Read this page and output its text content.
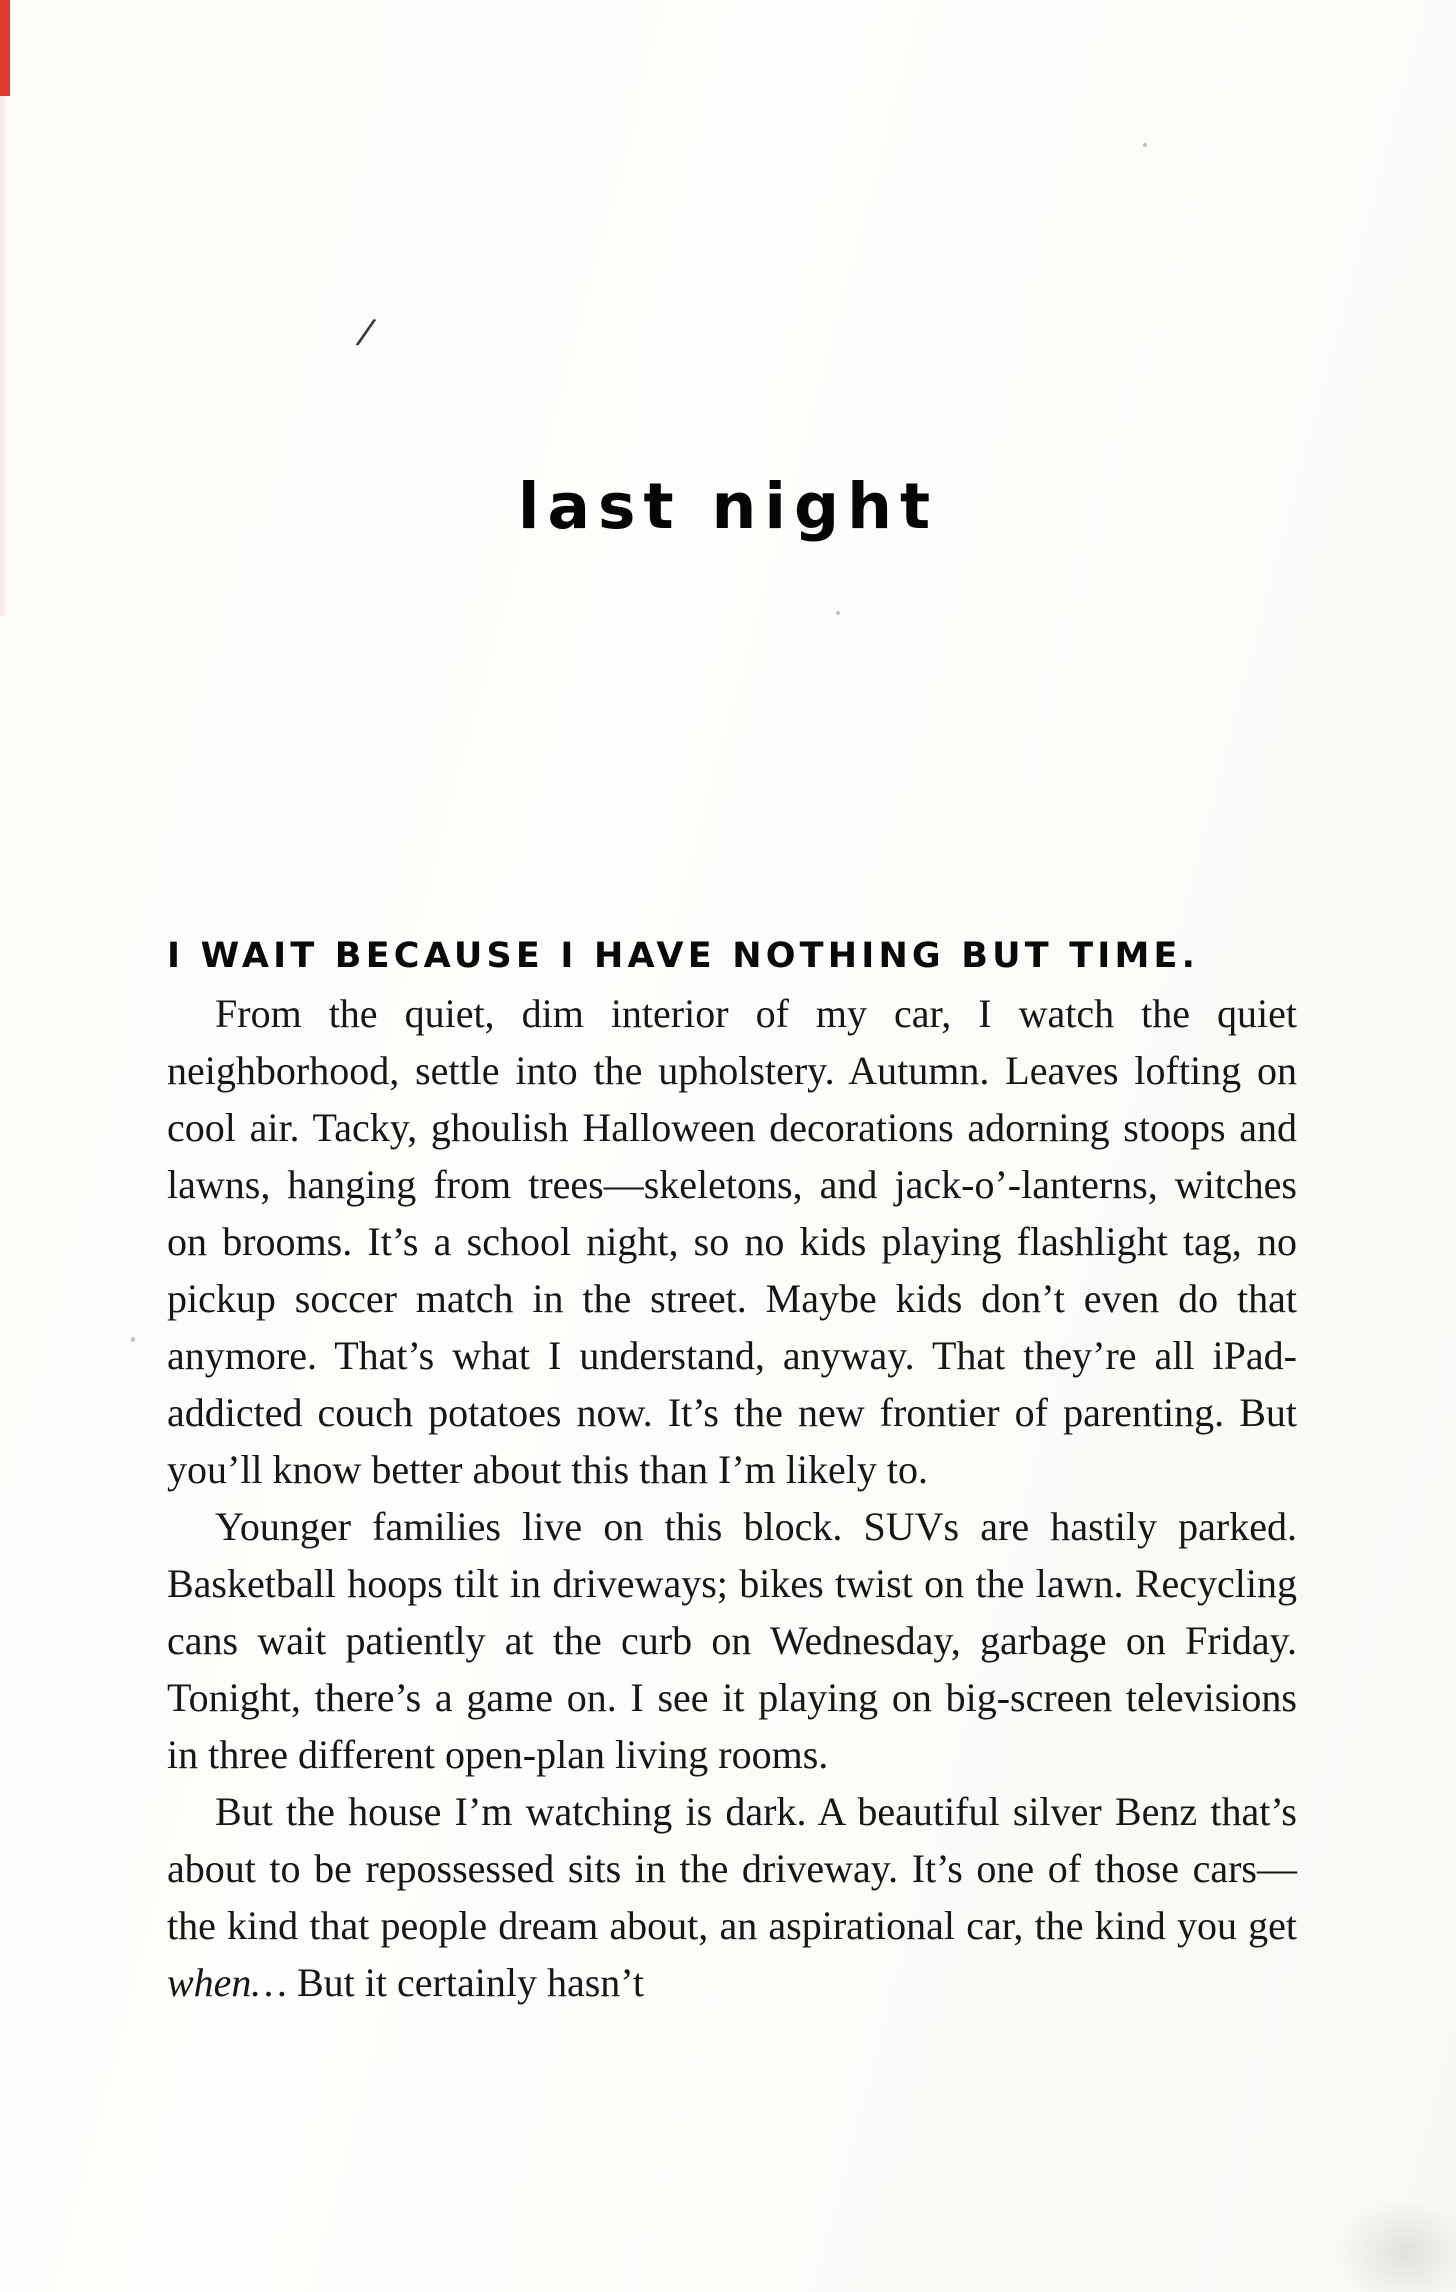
/
last night
I WAIT BECAUSE I HAVE NOTHING BUT TIME.

From the quiet, dim interior of my car, I watch the quiet neighborhood, settle into the upholstery. Autumn. Leaves lofting on cool air. Tacky, ghoulish Halloween decorations adorning stoops and lawns, hanging from trees—skeletons, and jack-o’-lanterns, witches on brooms. It’s a school night, so no kids playing flashlight tag, no pickup soccer match in the street. Maybe kids don’t even do that anymore. That’s what I understand, anyway. That they’re all iPad-addicted couch potatoes now. It’s the new frontier of parenting. But you’ll know better about this than I’m likely to.

Younger families live on this block. SUVs are hastily parked. Basketball hoops tilt in driveways; bikes twist on the lawn. Recycling cans wait patiently at the curb on Wednesday, garbage on Friday. Tonight, there’s a game on. I see it playing on big-screen televisions in three different open-plan living rooms.

But the house I’m watching is dark. A beautiful silver Benz that’s about to be repossessed sits in the driveway. It’s one of those cars—the kind that people dream about, an aspirational car, the kind you get when… But it certainly hasn’t
